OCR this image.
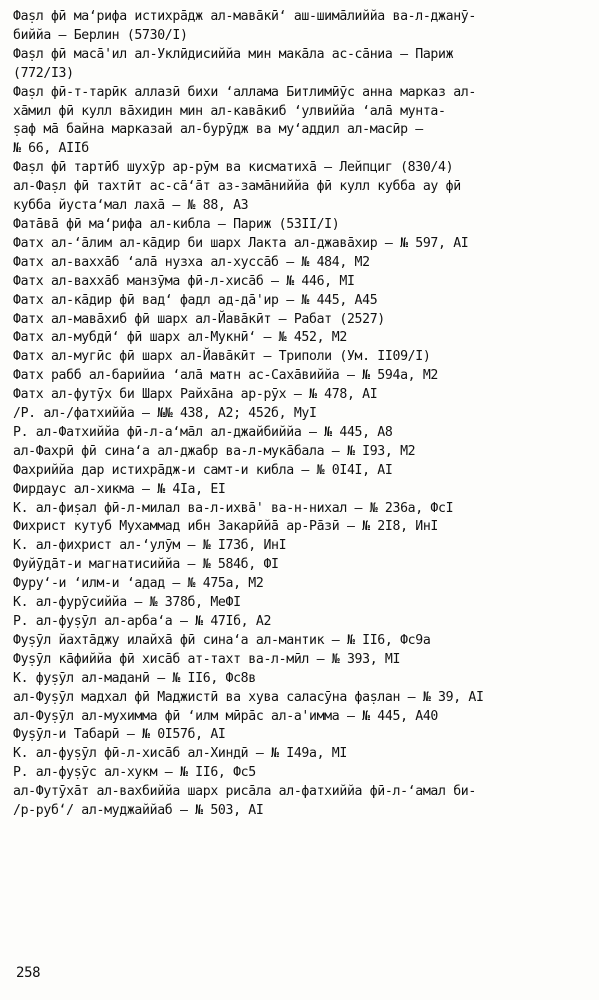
Фаṣл фӣ ма‘рифа истихрāдж ал-мавāкӣ‘ аш-шимāлиййа ва-л-джанӯ-
биййа – Берлин (5730/I)

Фаṣл фӣ масā'ил ал-Уклӣдисиййа мин макāла ас-сāниа – Париж
(772/I3)

Фаṣл фӣ-т-тарӣк аллазӣ бихи ‘аллама Битлимӣӯс анна марказ ал-
хāмил фӣ кулл вāхидин мин ал-кавāкиб ‘улвиййа ‘алā мунта-
ṣаф мā байна марказай ал-бурӯдж ва му‘аддил ал-масӣр –
№ 66, AIIб

Фаṣл фӣ тартӣб шухӯр ар-рӯм ва кисматихā – Лейпциг (830/4)

ал-Фаṣл фӣ тахтӣт ас-сā‘āт аз-замāниййа фӣ кулл кубба ау фӣ
кубба йуста‘мал лахā – № 88, A3

Фатāвā фӣ ма‘рифа ал-кибла – Париж (53II/I)

Фатх ал-‘āлим ал-кāдир би шарх Лакта ал-джавāхир – № 597, AI

Фатх ал-ваххāб ‘алā нузха ал-хуссāб – № 484, M2

Фатх ал-ваххāб манзӯма фӣ-л-хисāб – № 446, MI

Фатх ал-кāдир фӣ вад‘ фадл ад-дā'ир – № 445, A45

Фатх ал-мавāхиб фӣ шарх ал-Йавāкӣт – Рабат (2527)

Фатх ал-мубдӣ‘ фӣ шарх ал-Мукнӣ‘ – № 452, M2

Фатх ал-мугӣс фӣ шарх ал-Йавāкӣт – Триполи (Ум. II09/I)

Фатх рабб ал-барийиа ‘алā матн ас-Сахāвиййа – № 594а, M2

Фатх ал-футӯх би Шарх Райхāна ар-рӯх – № 478, AI

/Р. ал-/фатхиййа – №№ 438, A2; 452б, MуI

Р. ал-Фатхиййа фӣ-л-а‘мāл ал-джайбиййа – № 445, A8

ал-Фахрӣ фӣ сина‘а ал-джабр ва-л-мукāбала – № I93, M2

Фахриййа дар истихрāдж-и самт-и кибла – № 0I4I, AI

Фирдаус ал-хикма – № 4Iа, EI

К. ал-фиṣал фӣ-л-милал ва-л-ихвā' ва-н-нихал – № 236а, ФсI

Фихрист кутуб Мухаммад ибн Закарӣйā ар-Рāзӣ – № 2I8, ИнI

К. ал-фихрист ал-‘улӯм – № I73б, ИнI

Фуйӯдāт-и магнатисиййа – № 584б, ФI

Фуру‘-и ‘илм-и ‘адад – № 475а, M2

К. ал-фурӯсиййа – № 378б, МеФI

Р. ал-фуṣӯл ал-арба‘а – № 47Iб, A2

Фуṣӯл йахтāджу илайхā фӣ сина‘а ал-мантик – № II6, Фс9а

Фуṣӯл кāфиййа фӣ хисāб ат-тахт ва-л-мӣл – № 393, MI

К. фуṣӯл ал-маданӣ – № II6, Фс8в

ал-Фуṣӯл мадхал фӣ Маджистӣ ва хува саласӯна фаṣлан – № 39, AI

ал-Фуṣӯл ал-мухимма фӣ ‘илм мӣрāс ал-а'имма – № 445, A40

Фуṣӯл-и Табарӣ – № 0I57б, AI

К. ал-фуṣӯл фӣ-л-хисāб ал-Хиндӣ – № I49а, MI

Р. ал-фуṣӯс ал-хукм – № II6, Фс5

ал-Футӯхāт ал-вахбиййа шарх рисāла ал-фатхиййа фӣ-л-‘амал би-
/р-рубʻ/ ал-муджаййаб – № 503, AI

258
